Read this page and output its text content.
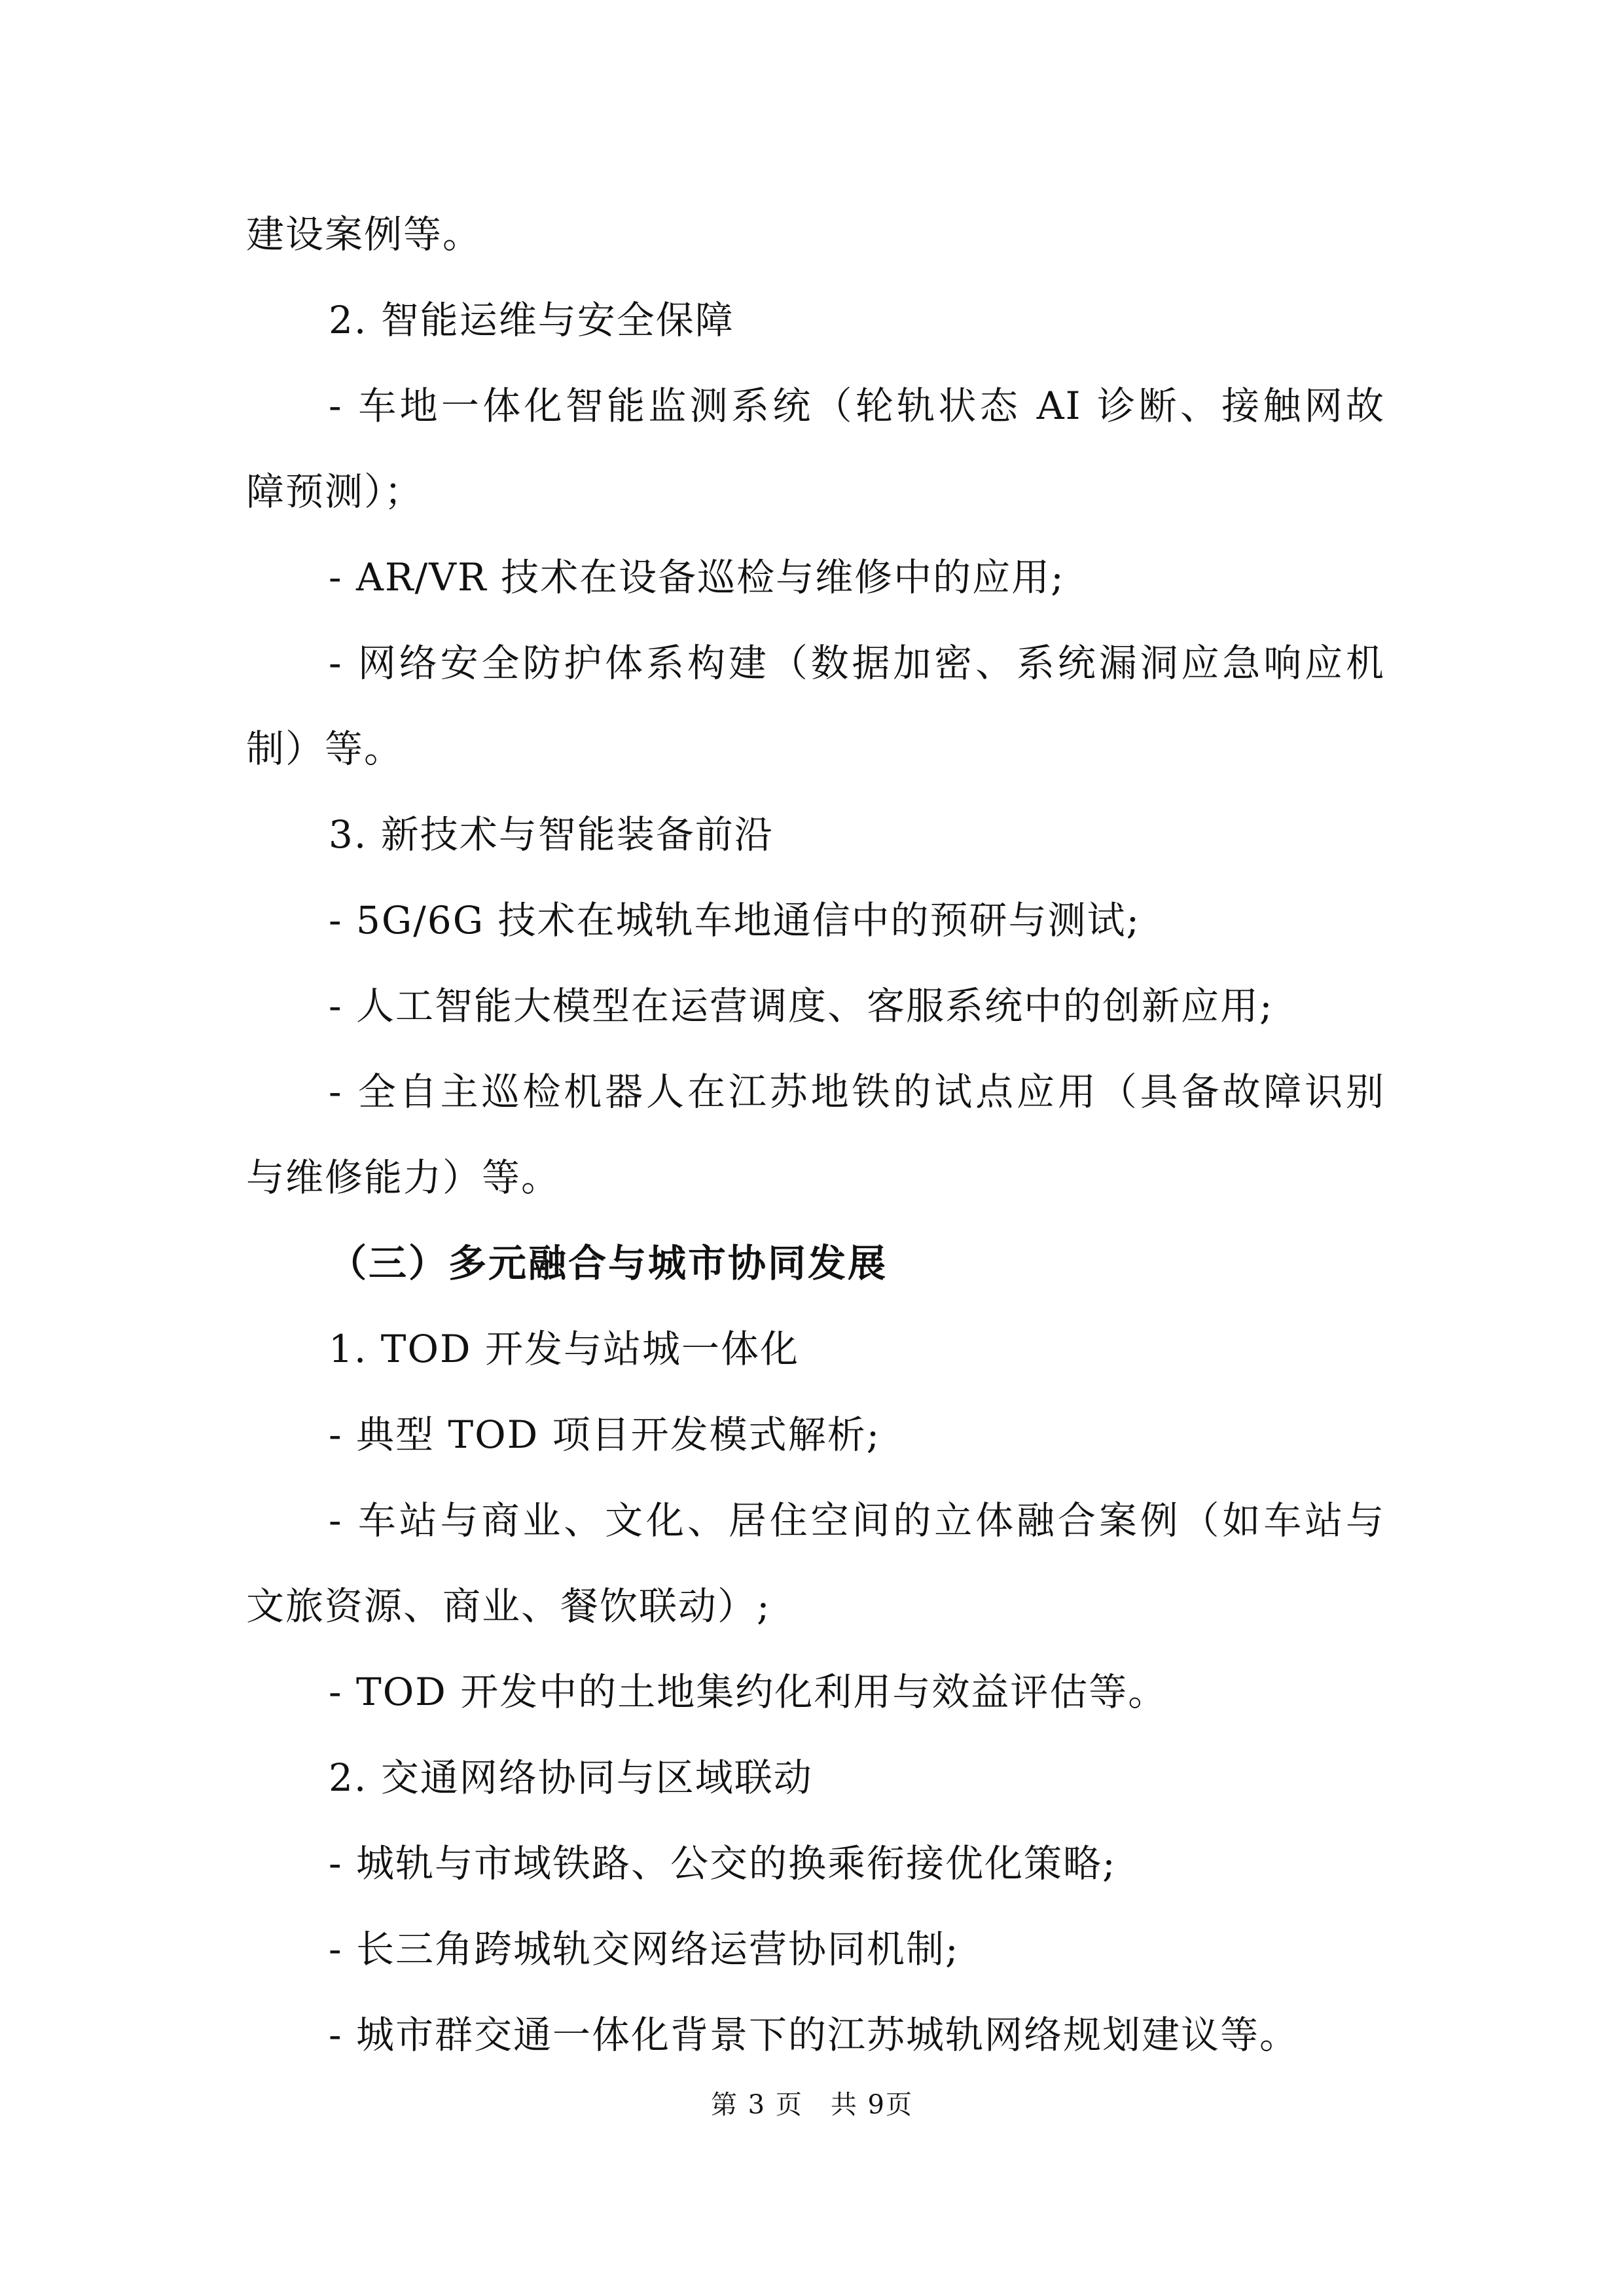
建设案例等。
2. 智能运维与安全保障
- 车地一体化智能监测系统（轮轨状态 AI 诊断、接触网故
障预测）；
- AR/VR 技术在设备巡检与维修中的应用;
- 网络安全防护体系构建（数据加密、系统漏洞应急响应机
制）等。
3. 新技术与智能装备前沿
- 5G/6G 技术在城轨车地通信中的预研与测试;
- 人工智能大模型在运营调度、客服系统中的创新应用;
- 全自主巡检机器人在江苏地铁的试点应用（具备故障识别
与维修能力）等。
（三）多元融合与城市协同发展
1. TOD 开发与站城一体化
- 典型 TOD 项目开发模式解析;
- 车站与商业、文化、居住空间的立体融合案例（如车站与
文旅资源、商业、餐饮联动）;
- TOD 开发中的土地集约化利用与效益评估等。
2. 交通网络协同与区域联动
- 城轨与市域铁路、公交的换乘衔接优化策略;
- 长三角跨城轨交网络运营协同机制;
- 城市群交通一体化背景下的江苏城轨网络规划建议等。
第 3 页　共 9页
